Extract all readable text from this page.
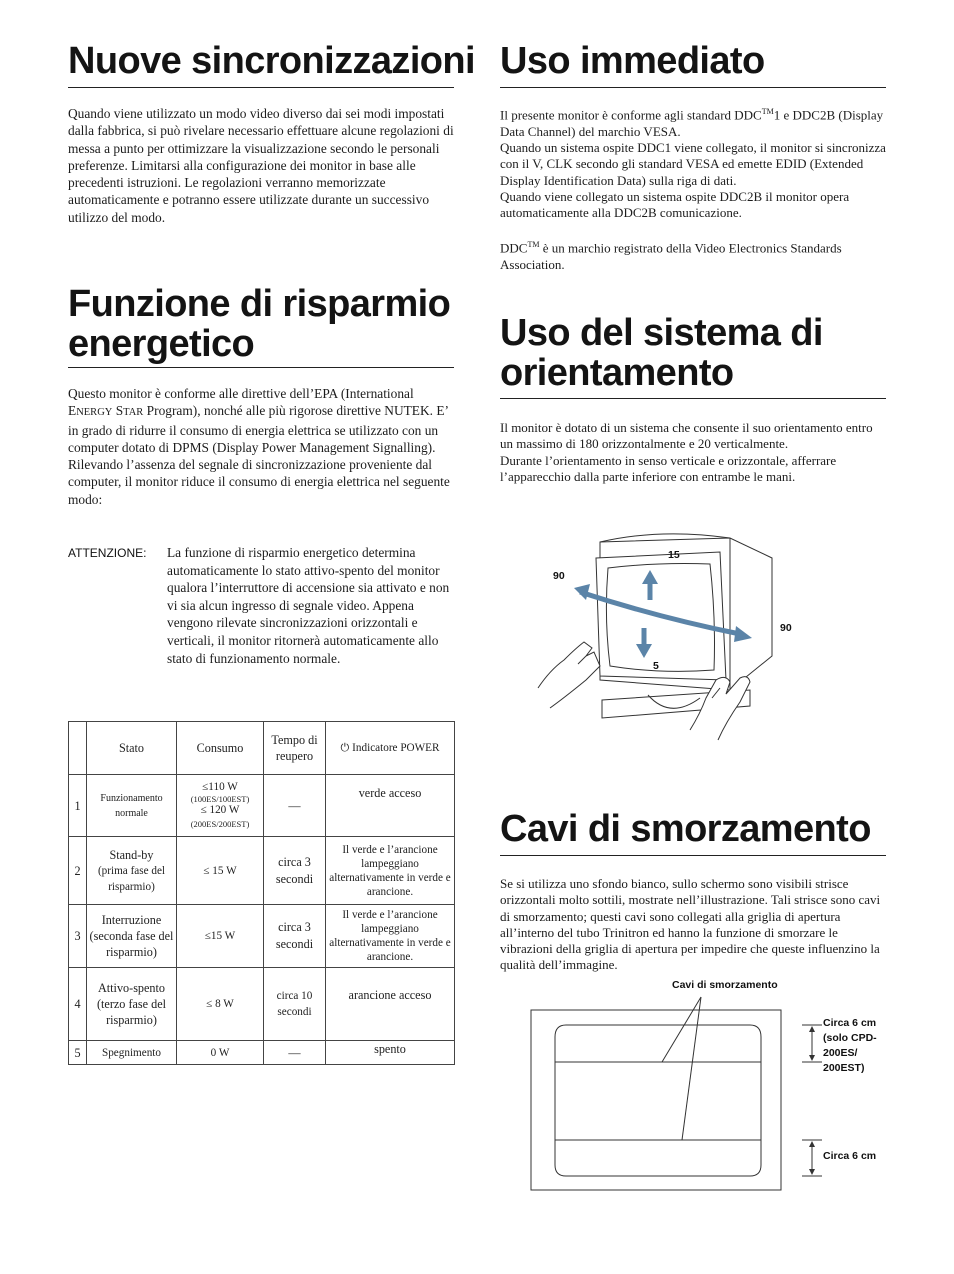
Nuove sincronizzazioni

Quando viene utilizzato un modo video diverso dai sei modi impostati dalla fabbrica, si può rivelare necessario effettuare alcune regolazioni di messa a punto per ottimizzare la visualizzazione secondo le personali preferenze. Limitarsi alla configurazione dei monitor in base alle precedenti istruzioni. Le regolazioni verranno memorizzate automaticamente e potranno essere utilizzate durante un successivo utilizzo del modo.

Funzione di risparmio
energetico

Questo monitor è conforme alle direttive dell’EPA (International ENERGY STAR Program), nonché alle più rigorose direttive NUTEK. E’ in grado di ridurre il consumo di energia elettrica se utilizzato con un computer dotato di DPMS (Display Power Management Signalling). Rilevando l’assenza del segnale di sincronizzazione proveniente dal computer, il monitor riduce il consumo di energia elettrica nel seguente modo:

ATTENZIONE: La funzione di risparmio energetico determina automaticamente lo stato attivo-spento del monitor qualora l’interruttore di accensione sia attivato e non vi sia alcun ingresso di segnale video. Appena vengono rilevate sincronizzazioni orizzontali e verticali, il monitor ritornerà automaticamente allo stato di funzionamento normale.
	Stato	Consumo	Tempo di reupero	⏻ Indicatore POWER
1	Funzionamento normale	≤110 W
(100ES/100EST)
≤ 120 W
(200ES/200EST)	—	verde acceso
2	Stand-by
(prima fase del risparmio)	≤ 15 W	circa 3 secondi	Il verde e l’arancione lampeggiano alternativamente in verde e arancione.
3	Interruzione (seconda fase del risparmio)	≤15 W	circa 3 secondi	Il verde e l’arancione lampeggiano alternativamente in verde e arancione.
4	Attivo-spento (terzo fase del risparmio)	≤ 8 W	circa 10 secondi	arancione acceso
5	Spegnimento	0 W	—	spento
Uso immediato

Il presente monitor è conforme agli standard DDC™1 e DDC2B (Display Data Channel) del marchio VESA.

Quando un sistema ospite DDC1 viene collegato, il monitor si sincronizza con il V, CLK secondo gli standard VESA ed emette EDID (Extended Display Identification Data) sulla riga di dati.

Quando viene collegato un sistema ospite DDC2B il monitor opera automaticamente alla DDC2B comunicazione.

DDC™ è un marchio registrato della Video Electronics Standards Association.

Uso del sistema di
orientamento

Il monitor è dotato di un sistema che consente il suo orientamento entro un massimo di 180 orizzontalmente e 20 verticalmente.

Durante l’orientamento in senso verticale e orizzontale, afferrare l’apparecchio dalla parte inferiore con entrambe le mani.

15
90
90
5
Cavi di smorzamento

Se si utilizza uno sfondo bianco, sullo schermo sono visibili strisce orizzontali molto sottili, mostrate nell’illustrazione. Tali strisce sono cavi di smorzamento; questi cavi sono collegati alla griglia di apertura all’interno del tubo Trinitron ed hanno la funzione di smorzare le vibrazioni della griglia di apertura per impedire che queste influenzino la qualità dell’immagine.

Cavi di smorzamento
Circa 6 cm
(solo CPD-
200ES/
200EST)
Circa 6 cm
